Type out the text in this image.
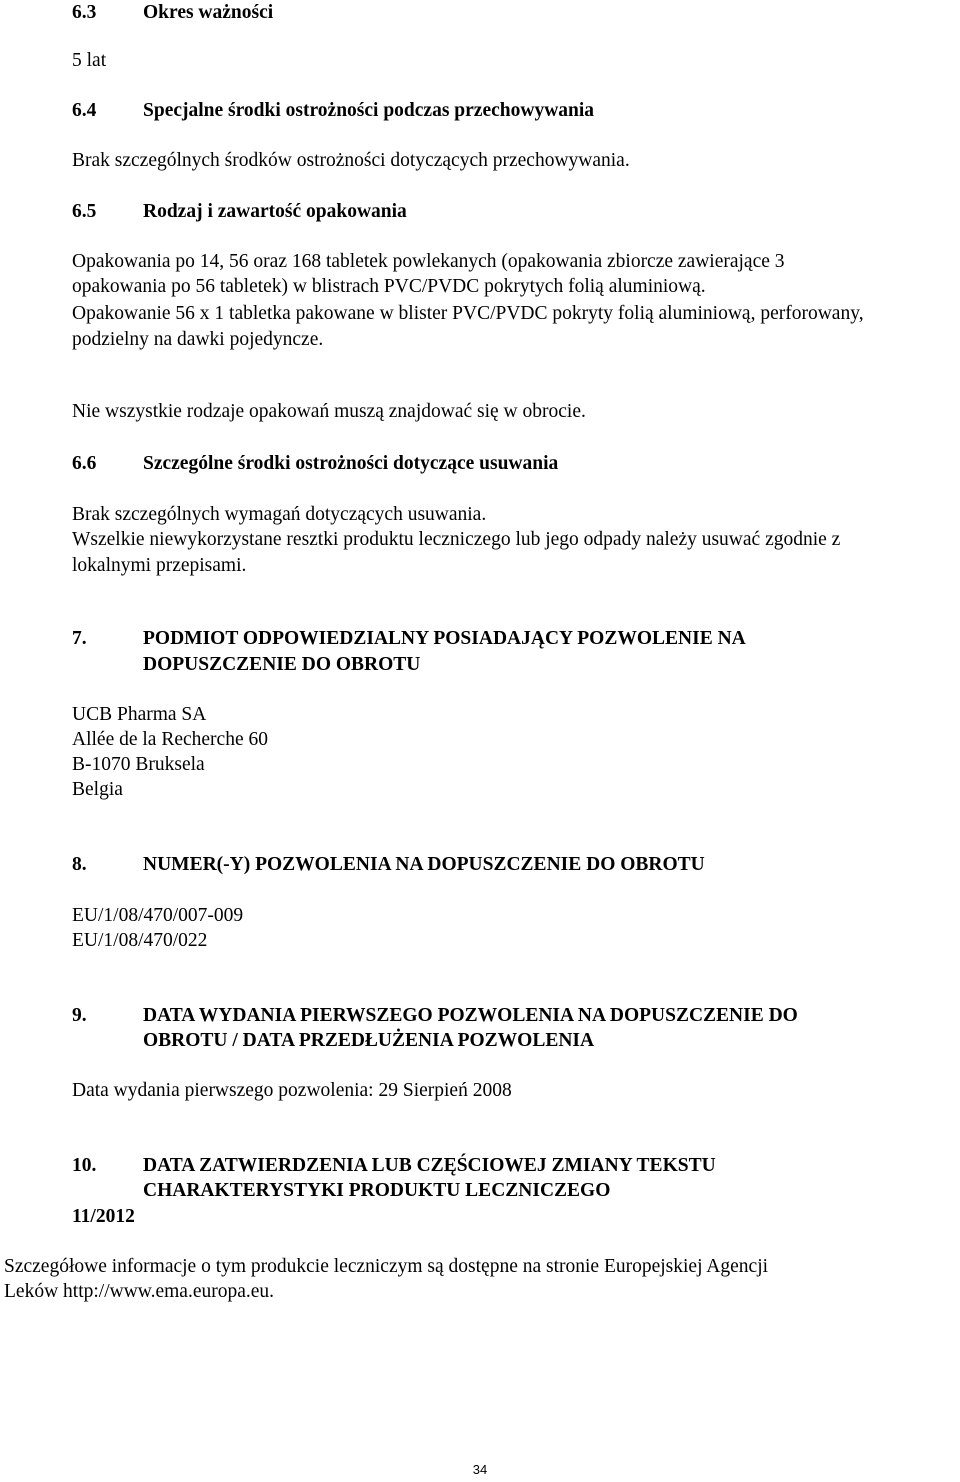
6.3 Okres ważności
5 lat
6.4 Specjalne środki ostrożności podczas przechowywania
Brak szczególnych środków ostrożności dotyczących przechowywania.
6.5 Rodzaj i zawartość opakowania
Opakowania po 14, 56 oraz 168 tabletek powlekanych (opakowania zbiorcze zawierające 3
opakowania po 56 tabletek) w blistrach PVC/PVDC pokrytych folią aluminiową.
Opakowanie 56 x 1 tabletka pakowane w blister PVC/PVDC pokryty folią aluminiową, perforowany,
podzielny na dawki pojedyncze.
Nie wszystkie rodzaje opakowań muszą znajdować się w obrocie.
6.6 Szczególne środki ostrożności dotyczące usuwania
Brak szczególnych wymagań dotyczących usuwania.
Wszelkie niewykorzystane resztki produktu leczniczego lub jego odpady należy usuwać zgodnie z
lokalnymi przepisami.
7.	PODMIOT ODPOWIEDZIALNY POSIADAJĄCY POZWOLENIE NA
DOPUSZCZENIE DO OBROTU
UCB Pharma SA
Allée de la Recherche 60
B-1070 Bruksela
Belgia
8.	NUMER(-Y) POZWOLENIA NA DOPUSZCZENIE DO OBROTU
EU/1/08/470/007-009
EU/1/08/470/022
9.	DATA WYDANIA PIERWSZEGO POZWOLENIA NA DOPUSZCZENIE DO
OBROTU / DATA PRZEDŁUŻENIA POZWOLENIA
Data wydania pierwszego pozwolenia: 29 Sierpień 2008
10. DATA ZATWIERDZENIA LUB CZĘŚCIOWEJ ZMIANY TEKSTU
CHARAKTERYSTYKI PRODUKTU LECZNICZEGO
11/2012
Szczegółowe informacje o tym produkcie leczniczym są dostępne na stronie Europejskiej Agencji
Leków http://www.ema.europa.eu.
34
